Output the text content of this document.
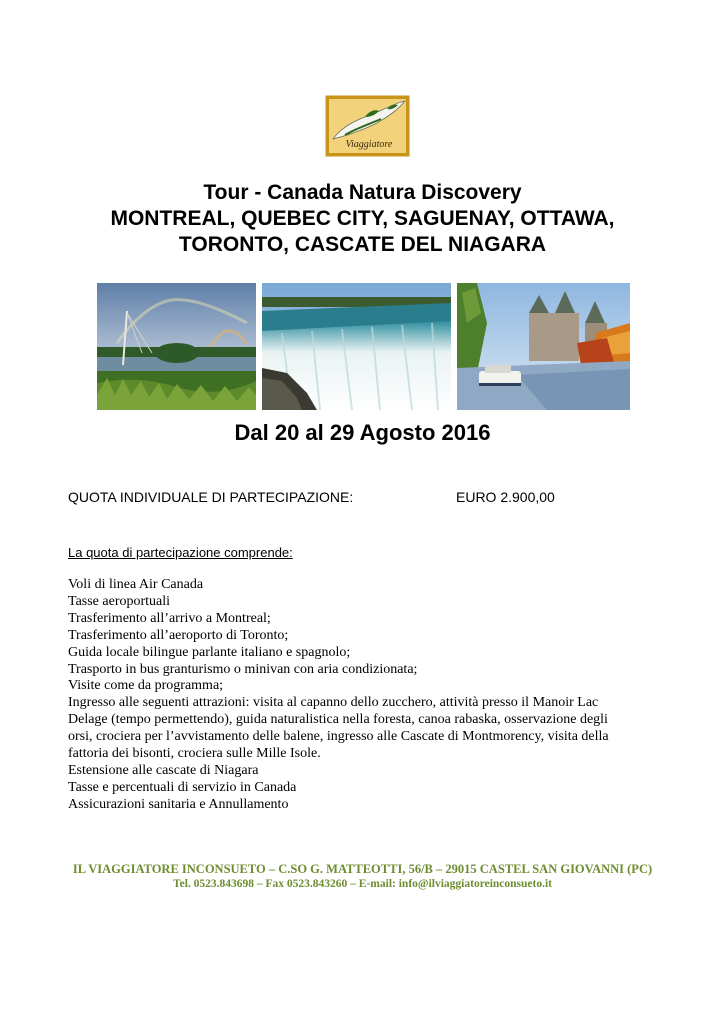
Viaggiatore
Tour - Canada Natura Discovery
MONTREAL, QUEBEC CITY, SAGUENAY, OTTAWA,
TORONTO, CASCATE DEL NIAGARA
Dal 20 al 29 Agosto 2016
QUOTA INDIVIDUALE DI PARTECIPAZIONE:	EURO 2.900,00
La quota di partecipazione comprende:
Voli di linea Air Canada
Tasse aeroportuali
Trasferimento all’arrivo a Montreal;
Trasferimento all’aeroporto di Toronto;
Guida locale bilingue parlante italiano e spagnolo;
Trasporto in bus granturismo o minivan con aria condizionata;
Visite come da programma;
Ingresso alle seguenti attrazioni: visita al capanno dello zucchero, attività presso il Manoir Lac
Delage (tempo permettendo), guida naturalistica nella foresta, canoa rabaska, osservazione degli
orsi, crociera per l’avvistamento delle balene, ingresso alle Cascate di Montmorency, visita della
fattoria dei bisonti, crociera sulle Mille Isole.
Estensione alle cascate di Niagara
Tasse e percentuali di servizio in Canada
Assicurazioni sanitaria e Annullamento
IL VIAGGIATORE INCONSUETO – C.SO G. MATTEOTTI, 56/B – 29015 CASTEL SAN GIOVANNI (PC)
Tel. 0523.843698 – Fax 0523.843260 – E-mail: info@ilviaggiatoreinconsueto.it
